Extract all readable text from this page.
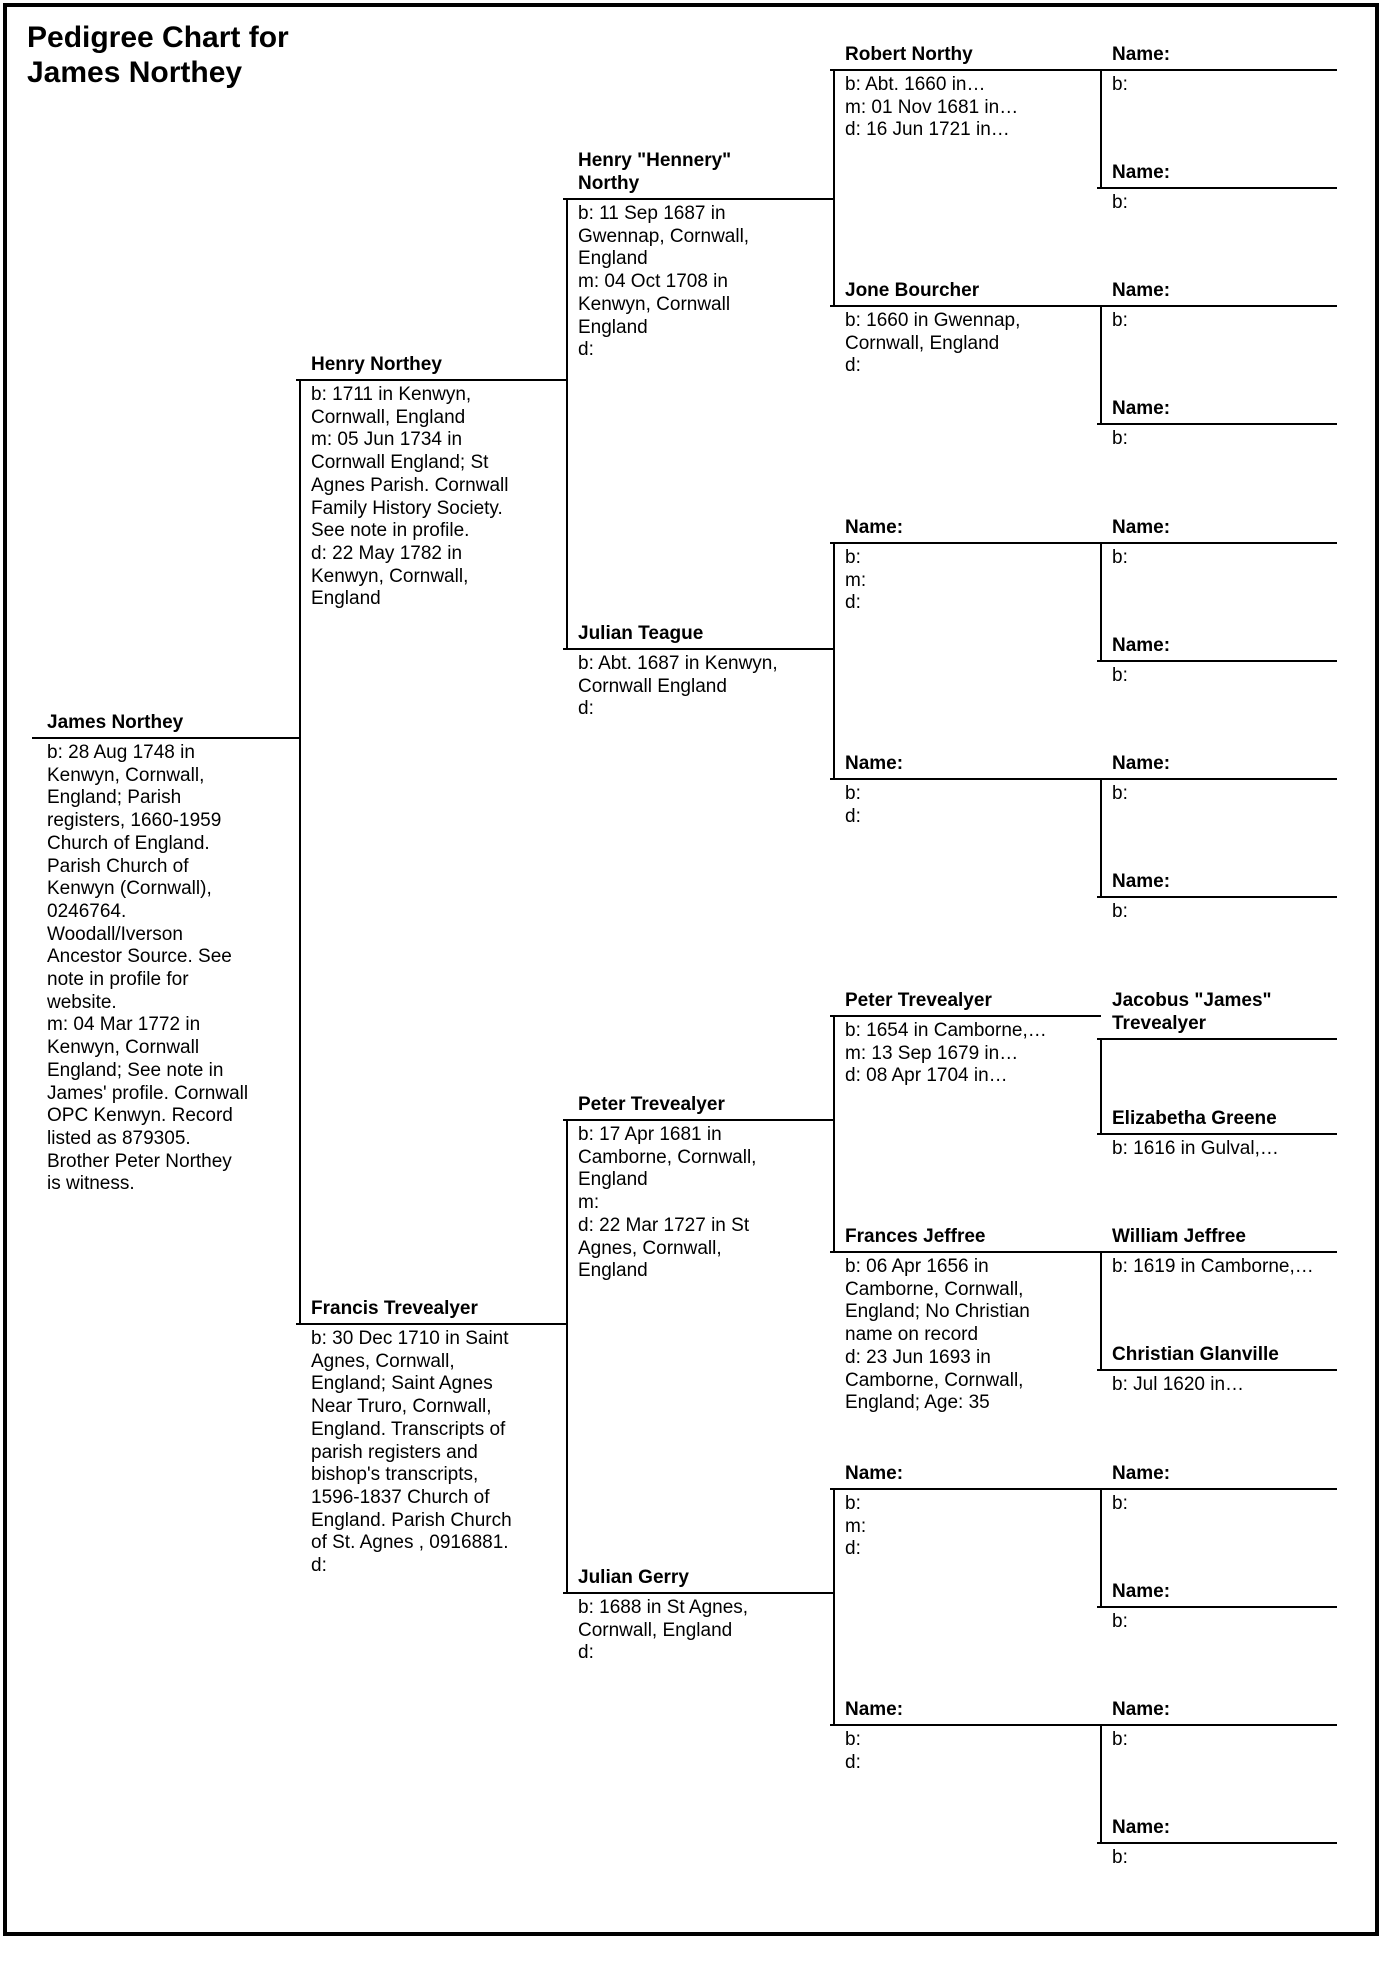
Pedigree Chart for
James Northey
James Northey
b: 28 Aug 1748 in
Kenwyn, Cornwall,
England; Parish
registers, 1660-1959
Church of England.
Parish Church of
Kenwyn (Cornwall),
0246764.
Woodall/Iverson
Ancestor Source. See
note in profile for
website.
m: 04 Mar 1772 in
Kenwyn, Cornwall
England; See note in
James' profile. Cornwall
OPC Kenwyn. Record
listed as 879305.
Brother Peter Northey
is witness.
Henry Northey
b: 1711 in Kenwyn,
Cornwall, England
m: 05 Jun 1734 in
Cornwall England; St
Agnes Parish. Cornwall
Family History Society.
See note in profile.
d: 22 May 1782 in
Kenwyn, Cornwall,
England
Francis Trevealyer
b: 30 Dec 1710 in Saint
Agnes, Cornwall,
England; Saint Agnes
Near Truro, Cornwall,
England. Transcripts of
parish registers and
bishop's transcripts,
1596-1837 Church of
England. Parish Church
of St. Agnes , 0916881.
d:
Henry "Hennery"
Northy
b: 11 Sep 1687 in
Gwennap, Cornwall,
England
m: 04 Oct 1708 in
Kenwyn, Cornwall
England
d:
Julian Teague
b: Abt. 1687 in Kenwyn,
Cornwall England
d:
Peter Trevealyer
b: 17 Apr 1681 in
Camborne, Cornwall,
England
m:
d: 22 Mar 1727 in St
Agnes, Cornwall,
England
Julian Gerry
b: 1688 in St Agnes,
Cornwall, England
d:
Robert Northy
b: Abt. 1660 in…
m: 01 Nov 1681 in…
d: 16 Jun 1721 in…
Jone Bourcher
b: 1660 in Gwennap,
Cornwall, England
d:
Name:
b:
m:
d:
Name:
b:
d:
Peter Trevealyer
b: 1654 in Camborne,…
m: 13 Sep 1679 in…
d: 08 Apr 1704 in…
Frances Jeffree
b: 06 Apr 1656 in
Camborne, Cornwall,
England; No Christian
name on record
d: 23 Jun 1693 in
Camborne, Cornwall,
England; Age: 35
Name:
b:
m:
d:
Name:
b:
d:
Name:
b:
Name:
b:
Name:
b:
Name:
b:
Name:
b:
Name:
b:
Name:
b:
Name:
b:
Jacobus "James"
Trevealyer
Elizabetha Greene
b: 1616 in Gulval,…
William Jeffree
b: 1619 in Camborne,…
Christian Glanville
b: Jul 1620 in…
Name:
b:
Name:
b:
Name:
b:
Name:
b:
